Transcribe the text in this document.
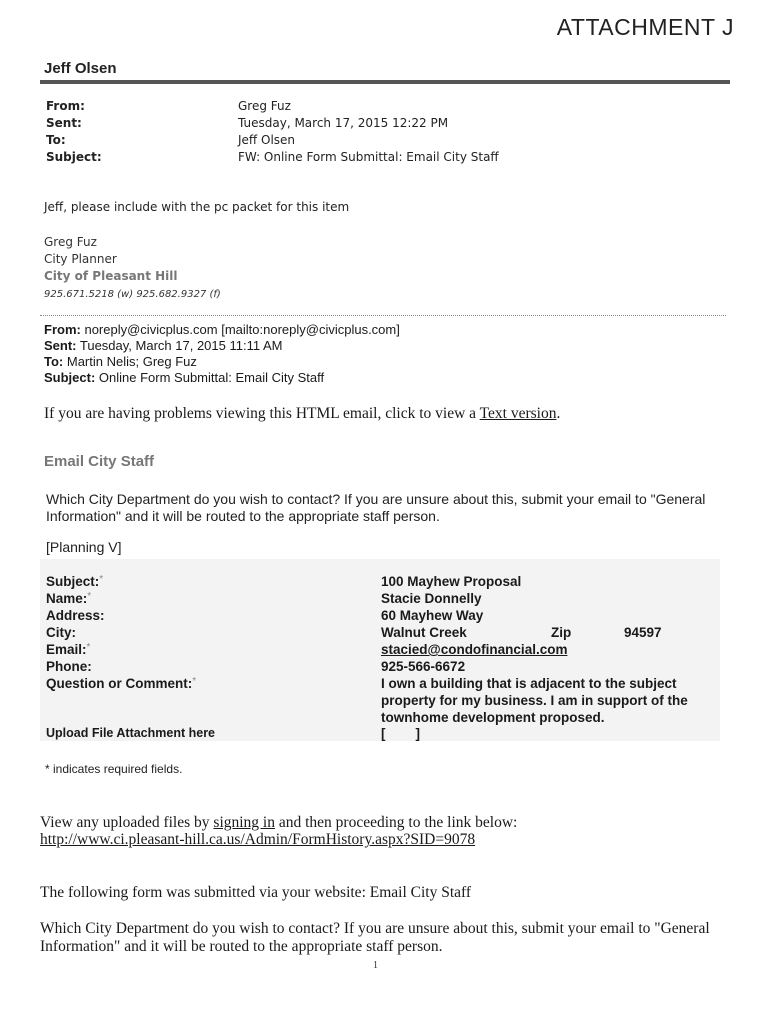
ATTACHMENT J
Jeff Olsen
From:	Greg Fuz
Sent:	Tuesday, March 17, 2015 12:22 PM
To:	Jeff Olsen
Subject:	FW: Online Form Submittal: Email City Staff
Jeff, please include with the pc packet for this item
Greg Fuz
City Planner
City of Pleasant Hill
925.671.5218 (w) 925.682.9327 (f)
From: noreply@civicplus.com [mailto:noreply@civicplus.com]
Sent: Tuesday, March 17, 2015 11:11 AM
To: Martin Nelis; Greg Fuz
Subject: Online Form Submittal: Email City Staff
If you are having problems viewing this HTML email, click to view a Text version.
Email City Staff
Which City Department do you wish to contact? If you are unsure about this, submit your email to "General
Information" and it will be routed to the appropriate staff person.
[Planning V]
Subject:*	100 Mayhew Proposal
Name:*	Stacie Donnelly
Address:	60 Mayhew Way
City:	Walnut Creek	Zip	94597
Email:*	stacied@condofinancial.com
Phone:	925-566-6672
Question or Comment:*	I own a building that is adjacent to the subject
property for my business. I am in support of the
townhome development proposed.
Upload File Attachment here	[        ]
* indicates required fields.
View any uploaded files by signing in and then proceeding to the link below:
http://www.ci.pleasant-hill.ca.us/Admin/FormHistory.aspx?SID=9078
The following form was submitted via your website: Email City Staff
Which City Department do you wish to contact? If you are unsure about this, submit your email to "General
Information" and it will be routed to the appropriate staff person.
1
